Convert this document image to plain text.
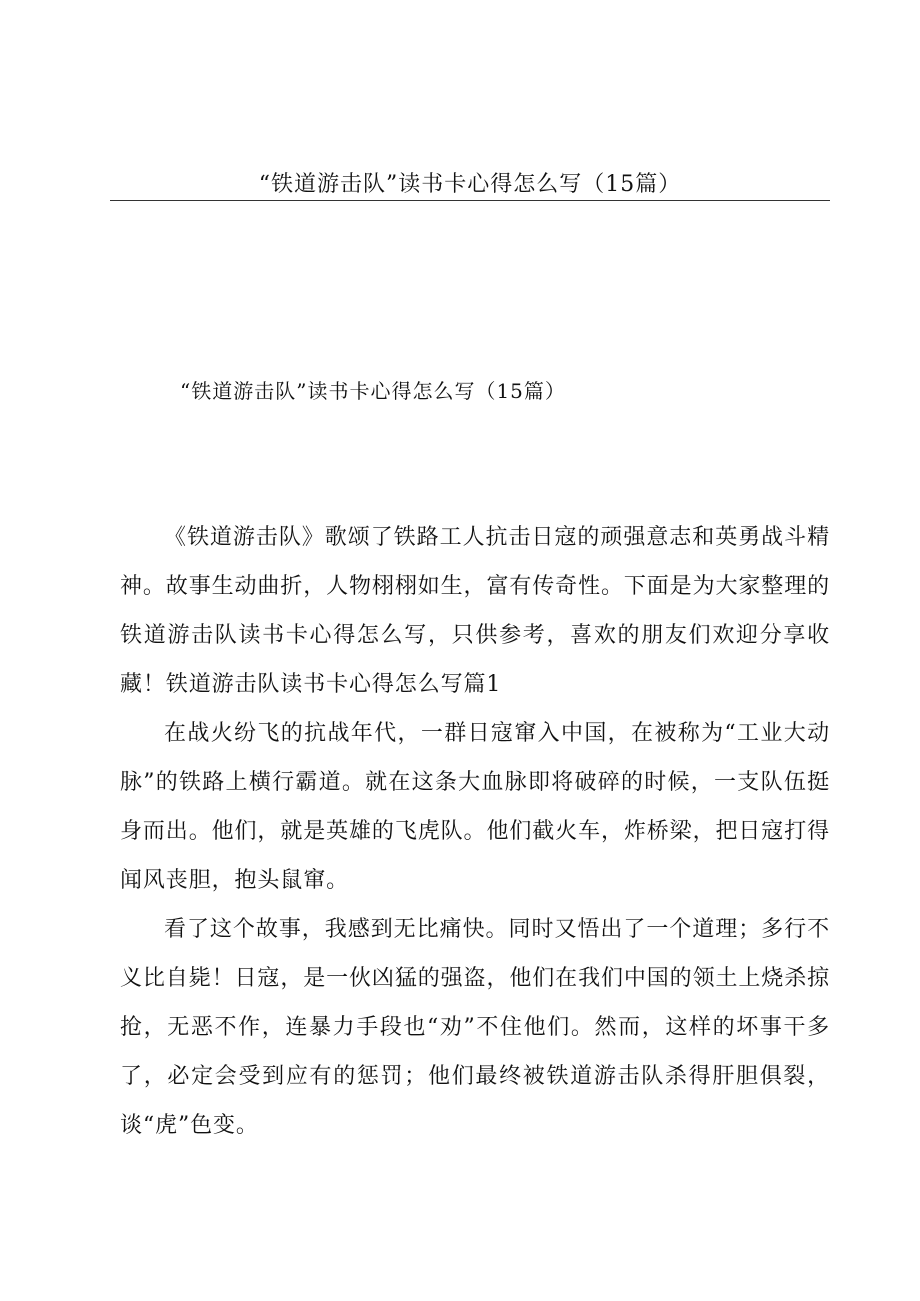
“铁道游击队”读书卡心得怎么写（15篇）
“铁道游击队”读书卡心得怎么写（15篇）

《铁道游击队》歌颂了铁路工人抗击日寇的顽强意志和英勇战斗精神。故事生动曲折，人物栩栩如生，富有传奇性。下面是为大家整理的铁道游击队读书卡心得怎么写，只供参考，喜欢的朋友们欢迎分享收藏！铁道游击队读书卡心得怎么写篇1

在战火纷飞的抗战年代，一群日寇窜入中国，在被称为“工业大动脉”的铁路上横行霸道。就在这条大血脉即将破碎的时候，一支队伍挺身而出。他们，就是英雄的飞虎队。他们截火车，炸桥梁，把日寇打得闻风丧胆，抱头鼠窜。

看了这个故事，我感到无比痛快。同时又悟出了一个道理；多行不义比自毙！日寇，是一伙凶猛的强盗，他们在我们中国的领土上烧杀掠抢，无恶不作，连暴力手段也“劝”不住他们。然而，这样的坏事干多了，必定会受到应有的惩罚；他们最终被铁道游击队杀得肝胆俱裂，谈“虎”色变。
